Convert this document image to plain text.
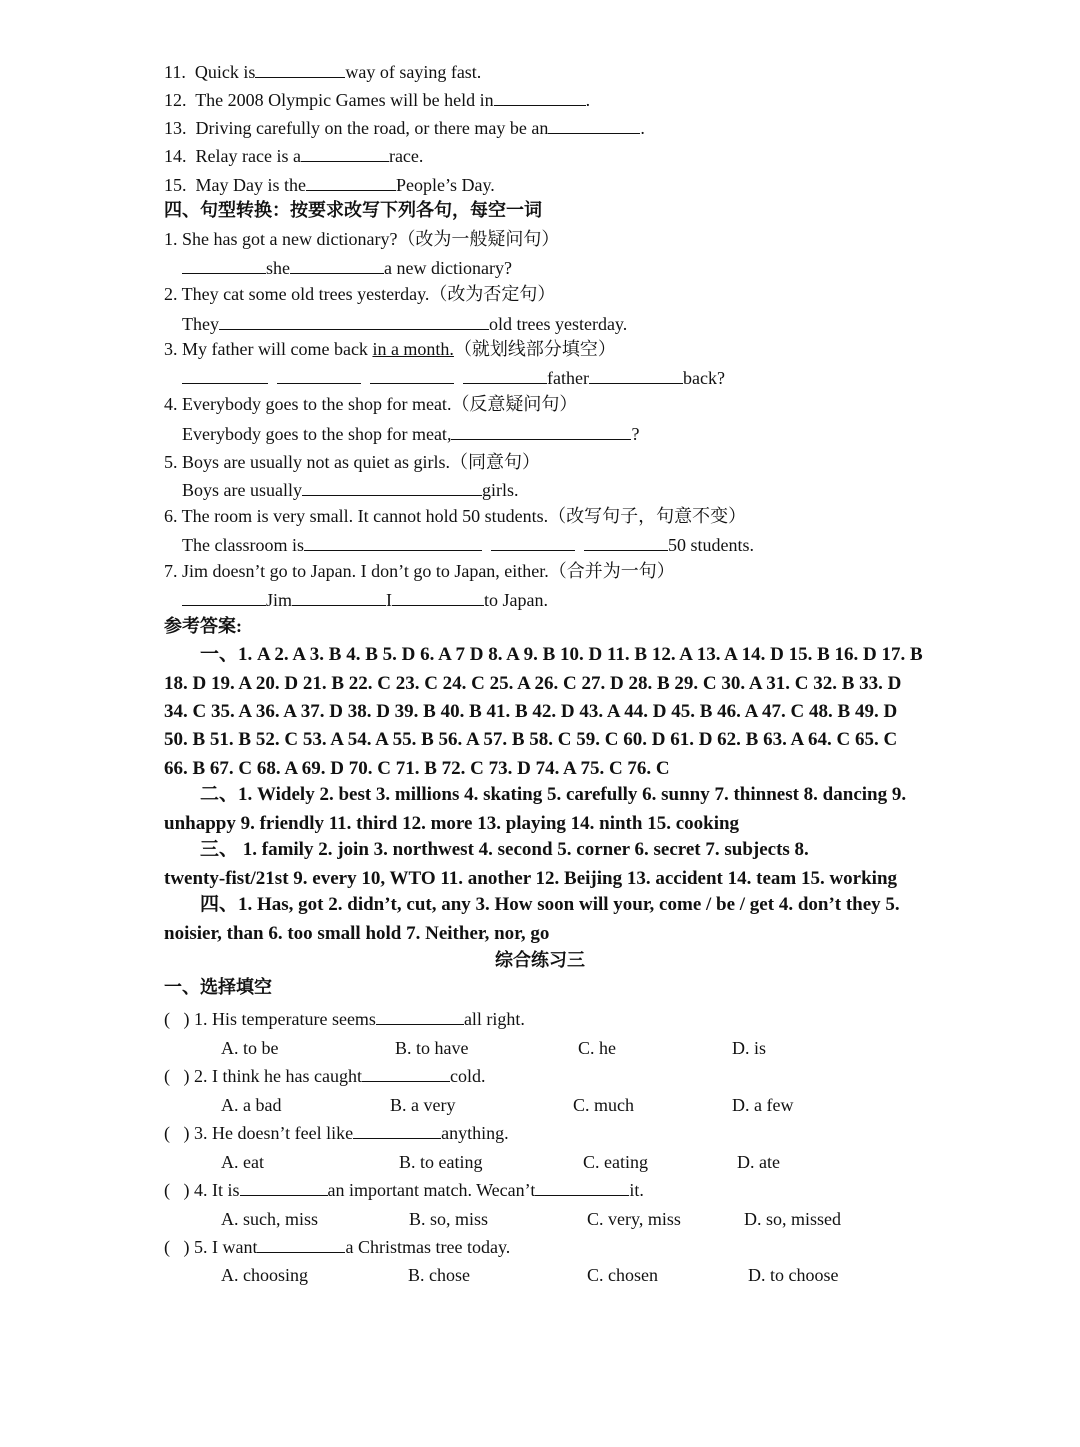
11. Quick is	way of saying fast.
12. The 2008 Olympic Games will be held in	.
13. Driving carefully on the road, or there may be an	.
14. Relay race is a	race.
15. May Day is the	People’s Day.
四、句型转换：按要求改写下列各句，每空一词
1. She has got a new dictionary?（改为一般疑问句）
she	a new dictionary?
2. They cat some old trees yesterday.（改为否定句）
They	old trees yesterday.
3. My father will come back in a month.（就划线部分填空）
father	back?
4. Everybody goes to the shop for meat.（反意疑问句）
Everybody goes to the shop for meat,	?
5. Boys are usually not as quiet as girls.（同意句）
Boys are usually	girls.
6. The room is very small. It cannot hold 50 students.（改写句子，句意不变）
The classroom is	50 students.
7. Jim doesn’t go to Japan. I don’t go to Japan, either.（合并为一句）
Jim	I	to Japan.
参考答案:
一、1. A 2. A 3. B 4. B 5. D 6. A 7 D 8. A 9. B 10. D 11. B 12. A 13. A 14. D 15. B 16. D 17. B
18. D 19. A 20. D 21. B 22. C 23. C 24. C 25. A 26. C 27. D 28. B 29. C 30. A 31. C 32. B 33. D
34. C 35. A 36. A 37. D 38. D 39. B 40. B 41. B 42. D 43. A 44. D 45. B 46. A 47. C 48. B 49. D
50. B 51. B 52. C 53. A 54. A 55. B 56. A 57. B 58. C 59. C 60. D 61. D 62. B 63. A 64. C 65. C
66. B 67. C 68. A 69. D 70. C 71. B 72. C 73. D 74. A 75. C 76. C
二、1. Widely 2. best 3. millions 4. skating 5. carefully 6. sunny 7. thinnest 8. dancing 9.
unhappy 9. friendly 11. third 12. more 13. playing 14. ninth 15. cooking
三、 1. family 2. join 3. northwest 4. second 5. corner 6. secret 7. subjects 8.
twenty-fist/21st 9. every 10, WTO 11. another 12. Beijing 13. accident 14. team 15. working
四、1. Has, got 2. didn’t, cut, any 3. How soon will your, come / be / get 4. don’t they 5.
noisier, than 6. too small hold 7. Neither, nor, go
综合练习三
一、选择填空
( ) 1. His temperature seems	all right.
A. to be	B. to have	C. he	D. is
( ) 2. I think he has caught	cold.
A. a bad	B. a very	C. much	D. a few
( ) 3. He doesn’t feel like	anything.
A. eat	B. to eating	C. eating	D. ate
( ) 4. It is	an important match. Wecan’t	it.
A. such, miss	B. so, miss	C. very, miss	D. so, missed
( ) 5. I want	a Christmas tree today.
A. choosing	B. chose	C. chosen	D. to choose
